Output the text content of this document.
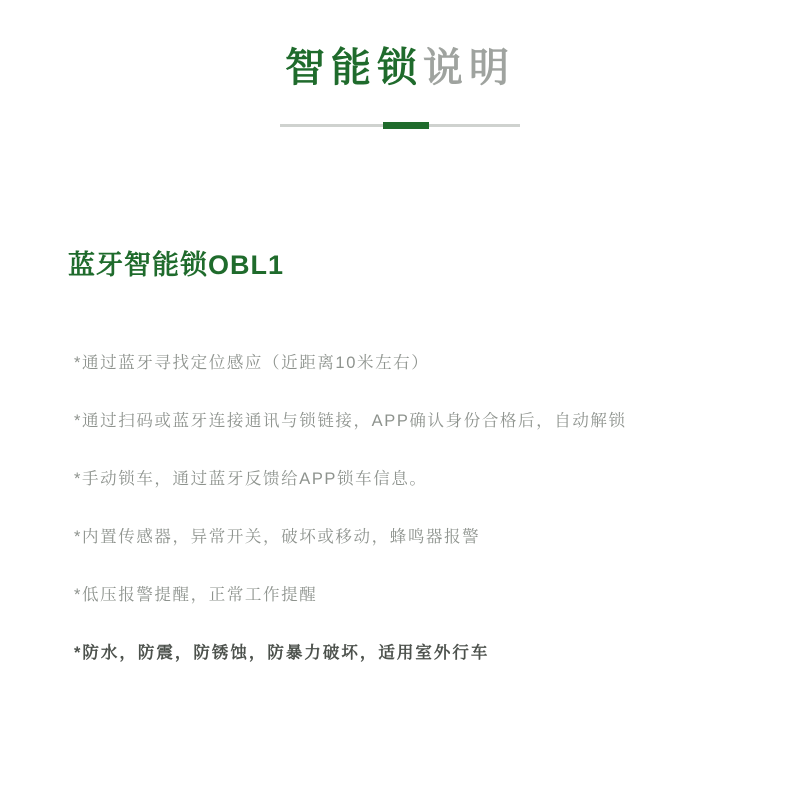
智能锁说明
蓝牙智能锁OBL1
*通过蓝牙寻找定位感应（近距离10米左右）
*通过扫码或蓝牙连接通讯与锁链接，APP确认身份合格后，自动解锁
*手动锁车，通过蓝牙反馈给APP锁车信息。
*内置传感器，异常开关，破坏或移动，蜂鸣器报警
*低压报警提醒，正常工作提醒
*防水，防震，防锈蚀，防暴力破坏，适用室外行车
